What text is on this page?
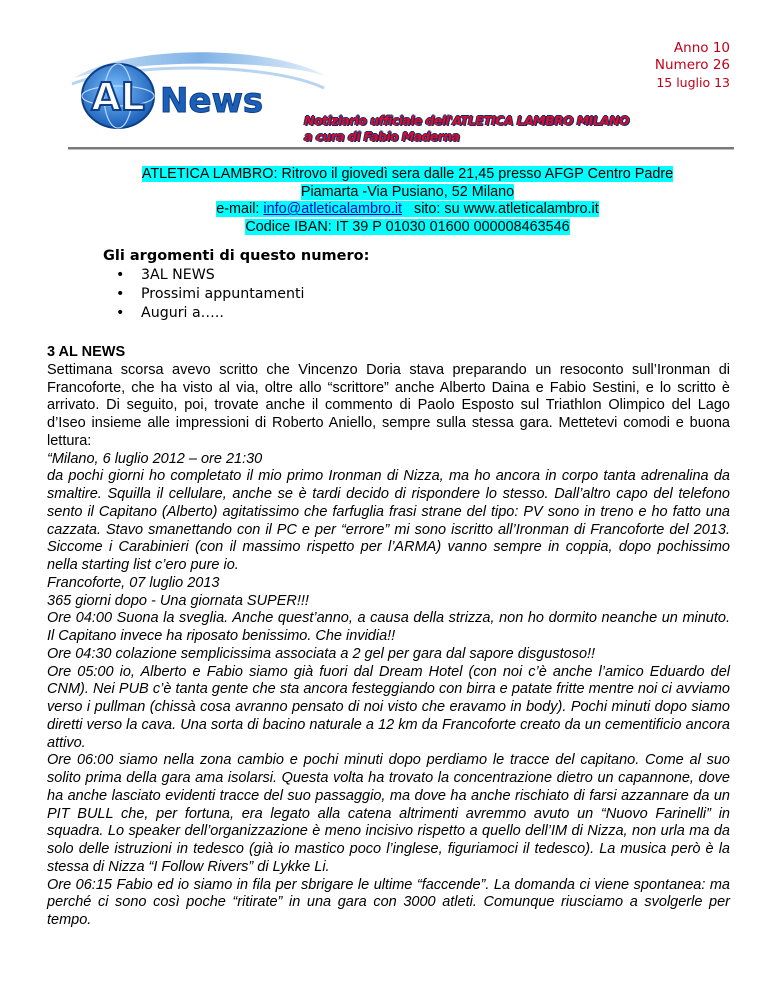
Anno 10
Numero 26
15 luglio 13
AL News	Notiziario ufficiale dell'ATLETICA LAMBRO MILANO
a cura di Fabio Maderna
ATLETICA LAMBRO: Ritrovo il giovedì sera dalle 21,45 presso AFGP Centro Padre
Piamarta -Via Pusiano, 52 Milano
e-mail: info@atleticalambro.it   sito: su www.atleticalambro.it
Codice IBAN: IT 39 P 01030 01600 000008463546
Gli argomenti di questo numero:
• 3AL NEWS
• Prossimi appuntamenti
• Auguri a…..
3 AL NEWS

Settimana scorsa avevo scritto che Vincenzo Doria stava preparando un resoconto sull’Ironman di Francoforte, che ha visto al via, oltre allo “scrittore” anche Alberto Daina e Fabio Sestini, e lo scritto è arrivato. Di seguito, poi, trovate anche il commento di Paolo Esposto sul Triathlon Olimpico del Lago d’Iseo insieme alle impressioni di Roberto Aniello, sempre sulla stessa gara. Mettetevi comodi e buona lettura:

“Milano, 6 luglio 2012 – ore 21:30

da pochi giorni ho completato il mio primo Ironman di Nizza, ma ho ancora in corpo tanta adrenalina da smaltire. Squilla il cellulare, anche se è tardi decido di rispondere lo stesso. Dall’altro capo del telefono sento il Capitano (Alberto) agitatissimo che farfuglia frasi strane del tipo: PV sono in treno e ho fatto una cazzata. Stavo smanettando con il PC e per “errore” mi sono iscritto all’Ironman di Francoforte del 2013. Siccome i Carabinieri (con il massimo rispetto per l’ARMA) vanno sempre in coppia, dopo pochissimo nella starting list c’ero pure io.

Francoforte, 07 luglio 2013

365 giorni dopo - Una giornata SUPER!!!

Ore 04:00 Suona la sveglia. Anche quest’anno, a causa della strizza, non ho dormito neanche un minuto. Il Capitano invece ha riposato benissimo. Che invidia!!

Ore 04:30 colazione semplicissima associata a 2 gel per gara dal sapore disgustoso!!

Ore 05:00 io, Alberto e Fabio siamo già fuori dal Dream Hotel (con noi c’è anche l’amico Eduardo del CNM). Nei PUB c’è tanta gente che sta ancora festeggiando con birra e patate fritte mentre noi ci avviamo verso i pullman (chissà cosa avranno pensato di noi visto che eravamo in body). Pochi minuti dopo siamo diretti verso la cava. Una sorta di bacino naturale a 12 km da Francoforte creato da un cementificio ancora attivo.

Ore 06:00 siamo nella zona cambio e pochi minuti dopo perdiamo le tracce del capitano. Come al suo solito prima della gara ama isolarsi. Questa volta ha trovato la concentrazione dietro un capannone, dove ha anche lasciato evidenti tracce del suo passaggio, ma dove ha anche rischiato di farsi azzannare da un PIT BULL che, per fortuna, era legato alla catena altrimenti avremmo avuto un “Nuovo Farinelli” in squadra. Lo speaker dell’organizzazione è meno incisivo rispetto a quello dell’IM di Nizza, non urla ma da solo delle istruzioni in tedesco (già io mastico poco l’inglese, figuriamoci il tedesco). La musica però è la stessa di Nizza “I Follow Rivers” di Lykke Li.

Ore 06:15 Fabio ed io siamo in fila per sbrigare le ultime “faccende”. La domanda ci viene spontanea: ma perché ci sono così poche “ritirate” in una gara con 3000 atleti. Comunque riusciamo a svolgerle per tempo.
